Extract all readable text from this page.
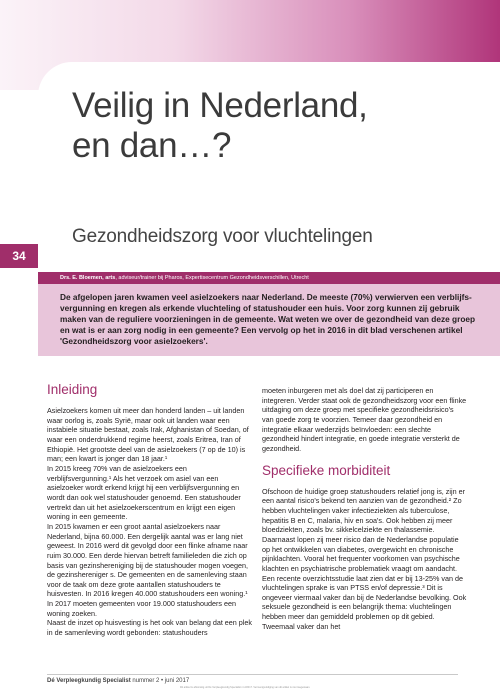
Veilig in Nederland,
en dan…?
34
Gezondheidszorg voor vluchtelingen
Drs. E. Bloemen, arts, adviseur/trainer bij Pharos, Expertisecentrum Gezondheidsverschillen, Utrecht

De afgelopen jaren kwamen veel asielzoekers naar Nederland. De meeste (70%) verwierven een verblijfsvergunning en kregen als erkende vluchteling of statushouder een huis. Voor zorg kunnen zij gebruik maken van de reguliere voorzieningen in de gemeente. Wat weten we over de gezondheid van deze groep en wat is er aan zorg nodig in een gemeente? Een vervolg op het in 2016 in dit blad verschenen artikel 'Gezondheidszorg voor asielzoekers'.

Inleiding

Asielzoekers komen uit meer dan honderd landen – uit landen waar oorlog is, zoals Syrië, maar ook uit landen waar een instabiele situatie bestaat, zoals Irak, Afghanistan of Soedan, of waar een onderdrukkend regime heerst, zoals Eritrea, Iran of Ethiopië. Het grootste deel van de asielzoekers (7 op de 10) is man; een kwart is jonger dan 18 jaar.¹

In 2015 kreeg 70% van de asielzoekers een verblijfsvergunning.¹ Als het verzoek om asiel van een asielzoeker wordt erkend krijgt hij een verblijfsvergunning en wordt dan ook wel statushouder genoemd. Een statushouder vertrekt dan uit het asielzoekerscentrum en krijgt een eigen woning in een gemeente.

In 2015 kwamen er een groot aantal asielzoekers naar Nederland, bijna 60.000. Een dergelijk aantal was er lang niet geweest. In 2016 werd dit gevolgd door een flinke afname naar ruim 30.000. Een derde hiervan betreft familieleden die zich op basis van gezinshereniging bij de statushouder mogen voegen, de gezinshereniger s. De gemeenten en de samenleving staan voor de taak om deze grote aantallen statushouders te huisvesten. In 2016 kregen 40.000 statushouders een woning.¹ In 2017 moeten gemeenten voor 19.000 statushouders een woning zoeken.

Naast de inzet op huisvesting is het ook van belang dat een plek in de samenleving wordt gebonden: statushouders

moeten inburgeren met als doel dat zij participeren en integreren. Verder staat ook de gezondheidszorg voor een flinke uitdaging om deze groep met specifieke gezondheidsrisico's van goede zorg te voorzien. Temeer daar gezondheid en integratie elkaar wederzijds beïnvloeden: een slechte gezondheid hindert integratie, en goede integratie versterkt de gezondheid.

Specifieke morbiditeit

Ofschoon de huidige groep statushouders relatief jong is, zijn er een aantal risico's bekend ten aanzien van de gezondheid.² Zo hebben vluchtelingen vaker infectieziekten als tuberculose, hepatitis B en C, malaria, hiv en soa's. Ook hebben zij meer bloedziekten, zoals bv. sikkelcelziekte en thalassemie. Daarnaast lopen zij meer risico dan de Nederlandse populatie op het ontwikkelen van diabetes, overgewicht en chronische pijnklachten. Vooral het frequenter voorkomen van psychische klachten en psychiatrische problematiek vraagt om aandacht. Een recente overzichtsstudie laat zien dat er bij 13-25% van de vluchtelingen sprake is van PTSS en/of depressie.³ Dit is ongeveer viermaal vaker dan bij de Nederlandse bevolking. Ook seksuele gezondheid is een belangrijk thema: vluchtelingen hebben meer dan gemiddeld problemen op dit gebied. Tweemaal vaker dan het

Dé Verpleegkundig Specialist nummer 2 • juni 2017
Dit artikel is afkomstig uit Dé Verpleegkundig Specialist nr.2/2017. Vermenigvuldiging van dit artikel is niet toegestaan.
